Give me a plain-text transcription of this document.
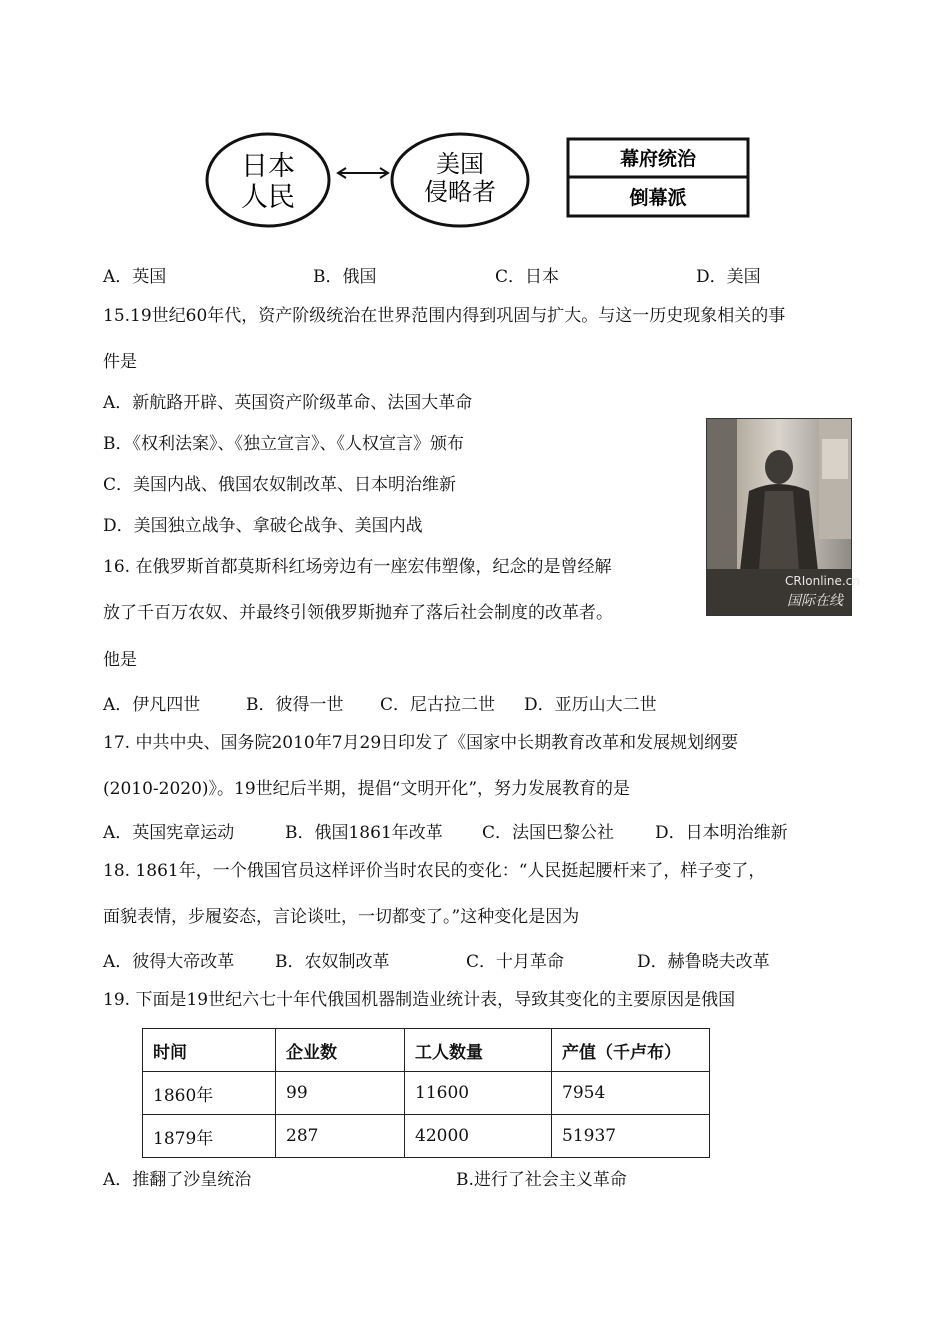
日本
人民
美国
侵略者
幕府统治
倒幕派
A．英国	B．俄国	C．日本	D．美国
15.19世纪60年代，资产阶级统治在世界范围内得到巩固与扩大。与这一历史现象相关的事
件是
A．新航路开辟、英国资产阶级革命、法国大革命
B．《权利法案》、《独立宣言》、《人权宣言》颁布
C．美国内战、俄国农奴制改革、日本明治维新
D．美国独立战争、拿破仑战争、美国内战
CRIonline.cn
国际在线
16. 在俄罗斯首都莫斯科红场旁边有一座宏伟塑像，纪念的是曾经解
放了千百万农奴、并最终引领俄罗斯抛弃了落后社会制度的改革者。
他是
A．伊凡四世	B．彼得一世 C．尼古拉二世 D．亚历山大二世
17. 中共中央、国务院2010年7月29日印发了《国家中长期教育改革和发展规划纲要
(2010-2020)》。19世纪后半期，提倡“文明开化”，努力发展教育的是
A．英国宪章运动	B．俄国1861年改革 C．法国巴黎公社 D．日本明治维新
18. 1861年，一个俄国官员这样评价当时农民的变化：“人民挺起腰杆来了，样子变了，
面貌表情，步履姿态，言论谈吐，一切都变了。”这种变化是因为
A．彼得大帝改革 B．农奴制改革	C．十月革命	D．赫鲁晓夫改革
19. 下面是19世纪六七十年代俄国机器制造业统计表，导致其变化的主要原因是俄国
时间	企业数	工人数量	产值（千卢布）
1860年	99	11600	7954
1879年	287	42000	51937
A．推翻了沙皇统治	B.进行了社会主义革命
